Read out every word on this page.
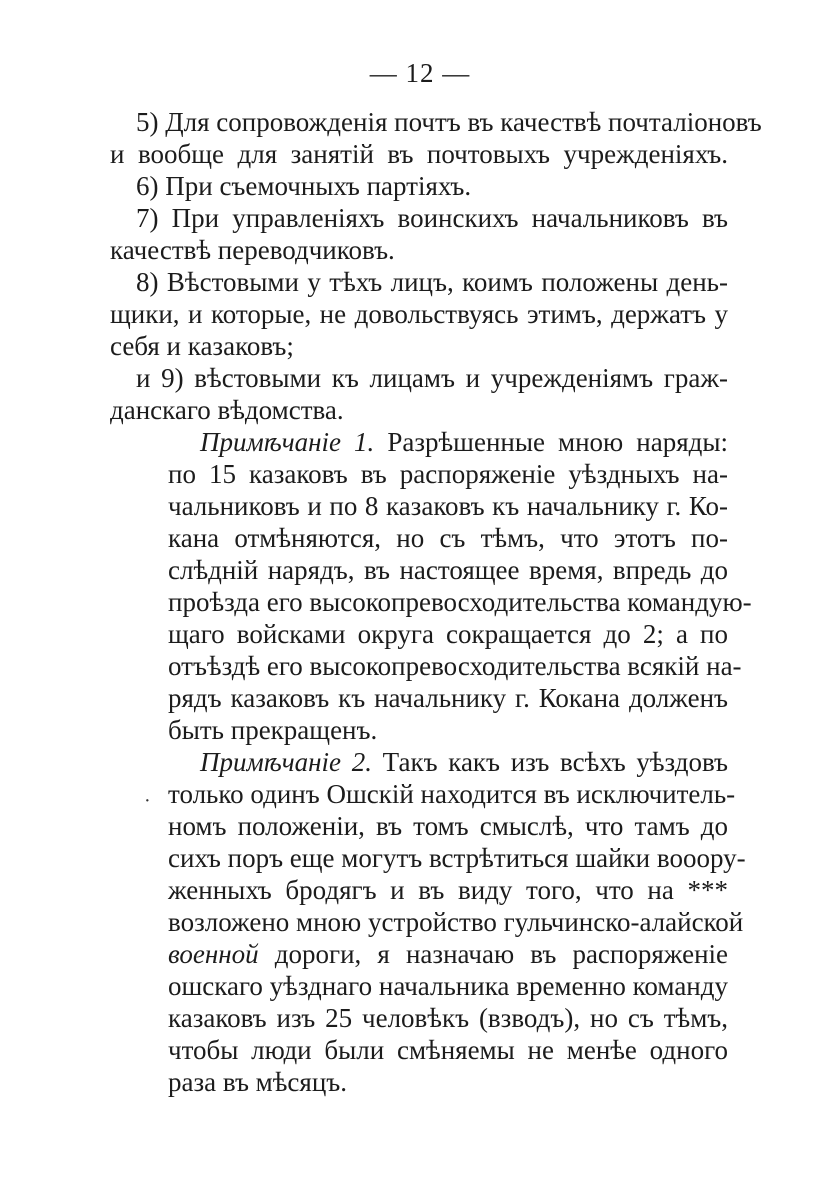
— 12 —
5) Для сопровожденія почтъ въ качествѣ почталіоновъ
и вообще для занятій въ почтовыхъ учрежденіяхъ.
6) При съемочныхъ партіяхъ.
7) При управленіяхъ воинскихъ начальниковъ въ
качествѣ переводчиковъ.
8) Вѣстовыми у тѣхъ лицъ, коимъ положены день-
щики, и которые, не довольствуясь этимъ, держатъ у
себя и казаковъ;
и 9) вѣстовыми къ лицамъ и учрежденіямъ граж-
данскаго вѣдомства.
Примѣчаніе 1. Разрѣшенные мною наряды:
по 15 казаковъ въ распоряженіе уѣздныхъ на-
чальниковъ и по 8 казаковъ къ начальнику г. Ко-
кана отмѣняются, но съ тѣмъ, что этотъ по-
слѣдній нарядъ, въ настоящее время, впредь до
проѣзда его высокопревосходительства командую-
щаго войсками округа сокращается до 2; а по
отъѣздѣ его высокопревосходительства всякій на-
рядъ казаковъ къ начальнику г. Кокана долженъ
быть прекращенъ.
Примѣчаніе 2. Такъ какъ изъ всѣхъ уѣздовъ
· только одинъ Ошскій находится въ исключитель-
номъ положеніи, въ томъ смыслѣ, что тамъ до
сихъ поръ еще могутъ встрѣтиться шайки вооору-
женныхъ бродягъ и въ виду того, что на ***
возложено мною устройство гульчинско-алайской
военной дороги, я назначаю въ распоряженіе
ошскаго уѣзднаго начальника временно команду
казаковъ изъ 25 человѣкъ (взводъ), но съ тѣмъ,
чтобы люди были смѣняемы не менѣе одного
раза въ мѣсяцъ.
